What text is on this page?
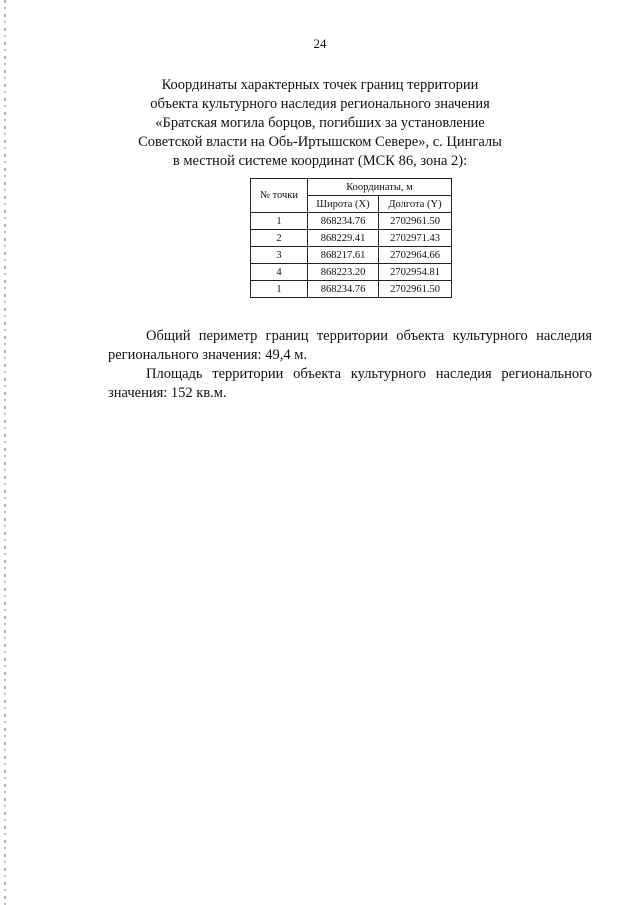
24
Координаты характерных точек границ территории
объекта культурного наследия регионального значения
«Братская могила борцов, погибших за установление
Советской власти на Обь-Иртышском Севере», с. Цингалы
в местной системе координат (МСК 86, зона 2):
№ точки	Координаты, м	
	Широта (X)	Долгота (Y)
1	868234.76	2702961.50
2	868229.41	2702971.43
3	868217.61	2702964.66
4	868223.20	2702954.81
1	868234.76	2702961.50
Общий периметр границ территории объекта культурного наследия
регионального значения: 49,4 м.
Площадь территории объекта культурного наследия регионального
значения: 152 кв.м.
